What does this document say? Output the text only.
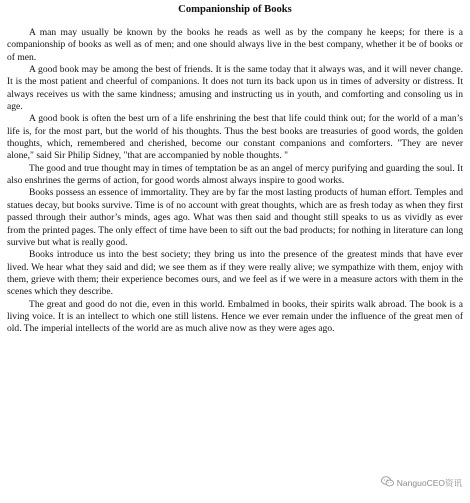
Companionship of Books

A man may usually be known by the books he reads as well as by the company he keeps; for there is a companionship of books as well as of men; and one should always live in the best company, whether it be of books or of men.

A good book may be among the best of friends. It is the same today that it always was, and it will never change. It is the most patient and cheerful of companions. It does not turn its back upon us in times of adversity or distress. It always receives us with the same kindness; amusing and instructing us in youth, and comforting and consoling us in age.

A good book is often the best urn of a life enshrining the best that life could think out; for the world of a man’s life is, for the most part, but the world of his thoughts. Thus the best books are treasuries of good words, the golden thoughts, which, remembered and cherished, become our constant companions and comforters. "They are never alone," said Sir Philip Sidney, "that are accompanied by noble thoughts. "

The good and true thought may in times of temptation be as an angel of mercy purifying and guarding the soul. It also enshrines the germs of action, for good words almost always inspire to good works.

Books possess an essence of immortality. They are by far the most lasting products of human effort. Temples and statues decay, but books survive. Time is of no account with great thoughts, which are as fresh today as when they first passed through their author’s minds, ages ago. What was then said and thought still speaks to us as vividly as ever from the printed pages. The only effect of time have been to sift out the bad products; for nothing in literature can long survive but what is really good.

Books introduce us into the best society; they bring us into the presence of the greatest minds that have ever lived. We hear what they said and did; we see them as if they were really alive; we sympathize with them, enjoy with them, grieve with them; their experience becomes ours, and we feel as if we were in a measure actors with them in the scenes which they describe.

The great and good do not die, even in this world. Embalmed in books, their spirits walk abroad. The book is a living voice. It is an intellect to which one still listens. Hence we ever remain under the influence of the great men of old. The imperial intellects of the world are as much alive now as they were ages ago.

NanguoCEO资讯
